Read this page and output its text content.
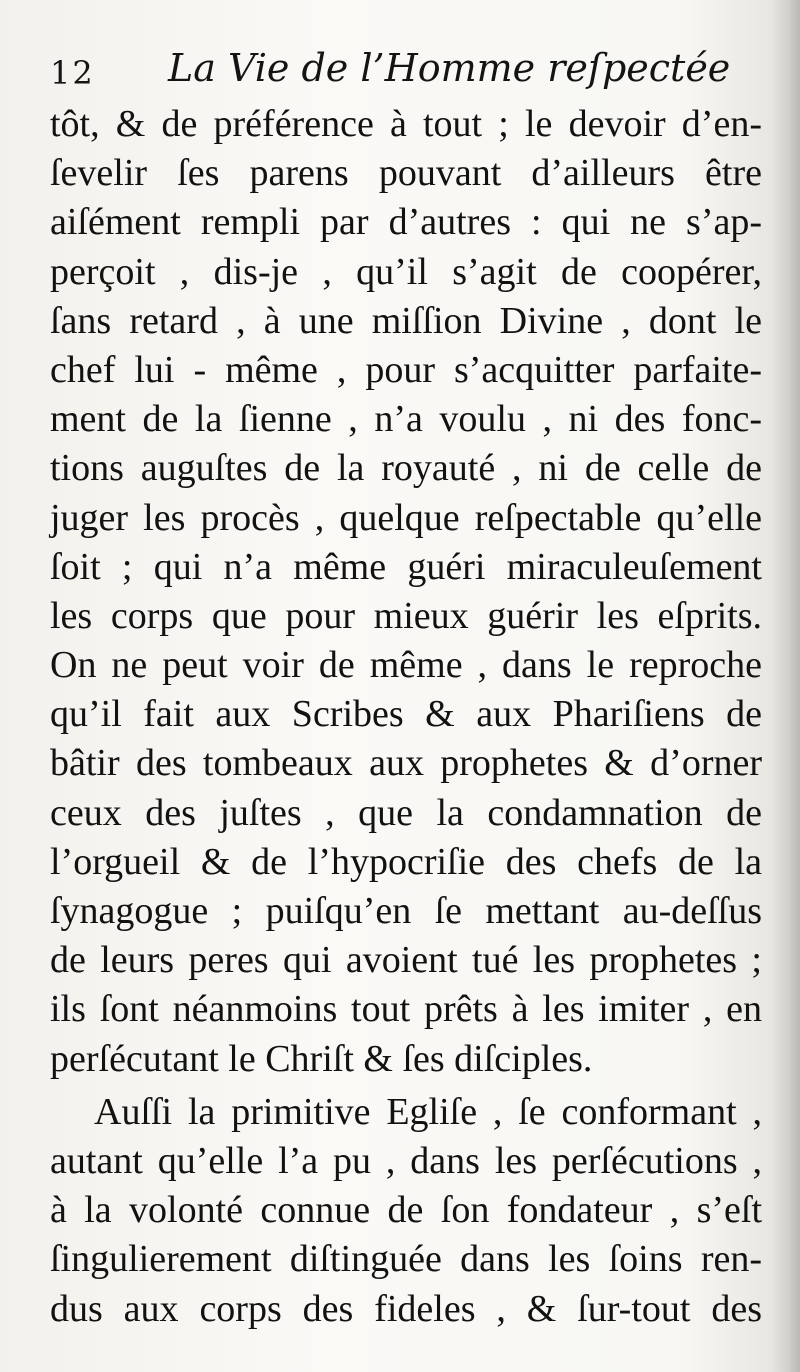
12 La Vie de l’Homme reſpectée
tôt, & de préférence à tout ; le devoir d’en-
ſevelir ſes parens pouvant d’ailleurs être
aiſément rempli par d’autres : qui ne s’ap-
perçoit , dis-je , qu’il s’agit de coopérer,
ſans retard , à une miſſion Divine , dont le
chef lui - même , pour s’acquitter parfaite-
ment de la ſienne , n’a voulu , ni des fonc-
tions auguſtes de la royauté , ni de celle de
juger les procès , quelque reſpectable qu’elle
ſoit ; qui n’a même guéri miraculeuſement
les corps que pour mieux guérir les eſprits.
On ne peut voir de même , dans le reproche
qu’il fait aux Scribes & aux Phariſiens de
bâtir des tombeaux aux prophetes & d’orner
ceux des juſtes , que la condamnation de
l’orgueil & de l’hypocriſie des chefs de la
ſynagogue ; puiſqu’en ſe mettant au-deſſus
de leurs peres qui avoient tué les prophetes ;
ils ſont néanmoins tout prêts à les imiter , en
perſécutant le Chriſt & ſes diſciples.
Auſſi la primitive Egliſe , ſe conformant ,
autant qu’elle l’a pu , dans les perſécutions ,
à la volonté connue de ſon fondateur , s’eſt
ſingulierement diſtinguée dans les ſoins ren-
dus aux corps des fideles , & ſur-tout des
